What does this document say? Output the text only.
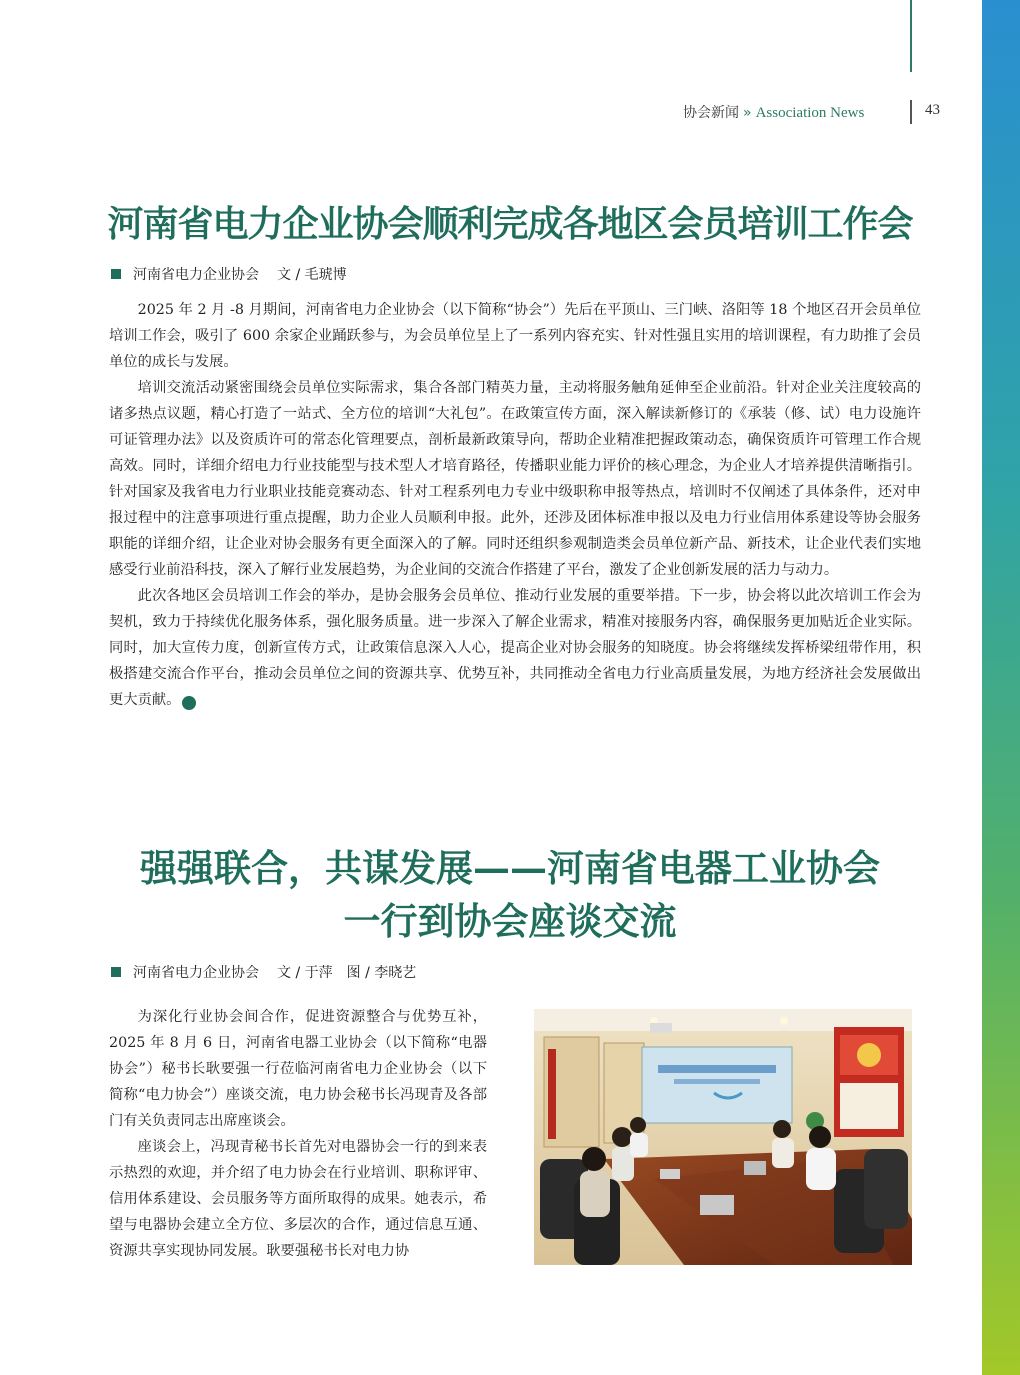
协会新闻 » Association News	43
河南省电力企业协会顺利完成各地区会员培训工作会
河南省电力企业协会 文 / 毛琥博

2025 年 2 月 -8 月期间，河南省电力企业协会（以下简称“协会”）先后在平顶山、三门峡、洛阳等 18 个地区召开会员单位培训工作会，吸引了 600 余家企业踊跃参与，为会员单位呈上了一系列内容充实、针对性强且实用的培训课程，有力助推了会员单位的成长与发展。

培训交流活动紧密围绕会员单位实际需求，集合各部门精英力量，主动将服务触角延伸至企业前沿。针对企业关注度较高的诸多热点议题，精心打造了一站式、全方位的培训“大礼包”。在政策宣传方面，深入解读新修订的《承装（修、试）电力设施许可证管理办法》以及资质许可的常态化管理要点，剖析最新政策导向，帮助企业精准把握政策动态，确保资质许可管理工作合规高效。同时，详细介绍电力行业技能型与技术型人才培育路径，传播职业能力评价的核心理念，为企业人才培养提供清晰指引。针对国家及我省电力行业职业技能竞赛动态、针对工程系列电力专业中级职称申报等热点，培训时不仅阐述了具体条件，还对申报过程中的注意事项进行重点提醒，助力企业人员顺利申报。此外，还涉及团体标准申报以及电力行业信用体系建设等协会服务职能的详细介绍，让企业对协会服务有更全面深入的了解。同时还组织参观制造类会员单位新产品、新技术，让企业代表们实地感受行业前沿科技，深入了解行业发展趋势，为企业间的交流合作搭建了平台，激发了企业创新发展的活力与动力。

此次各地区会员培训工作会的举办，是协会服务会员单位、推动行业发展的重要举措。下一步，协会将以此次培训工作会为契机，致力于持续优化服务体系，强化服务质量。进一步深入了解企业需求，精准对接服务内容，确保服务更加贴近企业实际。同时，加大宣传力度，创新宣传方式，让政策信息深入人心，提高企业对协会服务的知晓度。协会将继续发挥桥梁纽带作用，积极搭建交流合作平台，推动会员单位之间的资源共享、优势互补，共同推动全省电力行业高质量发展，为地方经济社会发展做出更大贡献。	✆

强强联合，共谋发展——河南省电器工业协会
一行到协会座谈交流
河南省电力企业协会 文 / 于萍 图 / 李晓艺

为深化行业协会间合作，促进资源整合与优势互补，2025 年 8 月 6 日，河南省电器工业协会（以下简称“电器协会”）秘书长耿要强一行莅临河南省电力企业协会（以下简称“电力协会”）座谈交流，电力协会秘书长冯现青及各部门有关负责同志出席座谈会。

座谈会上，冯现青秘书长首先对电器协会一行的到来表示热烈的欢迎，并介绍了电力协会在行业培训、职称评审、信用体系建设、会员服务等方面所取得的成果。她表示，希望与电器协会建立全方位、多层次的合作，通过信息互通、资源共享实现协同发展。耿要强秘书长对电力协
